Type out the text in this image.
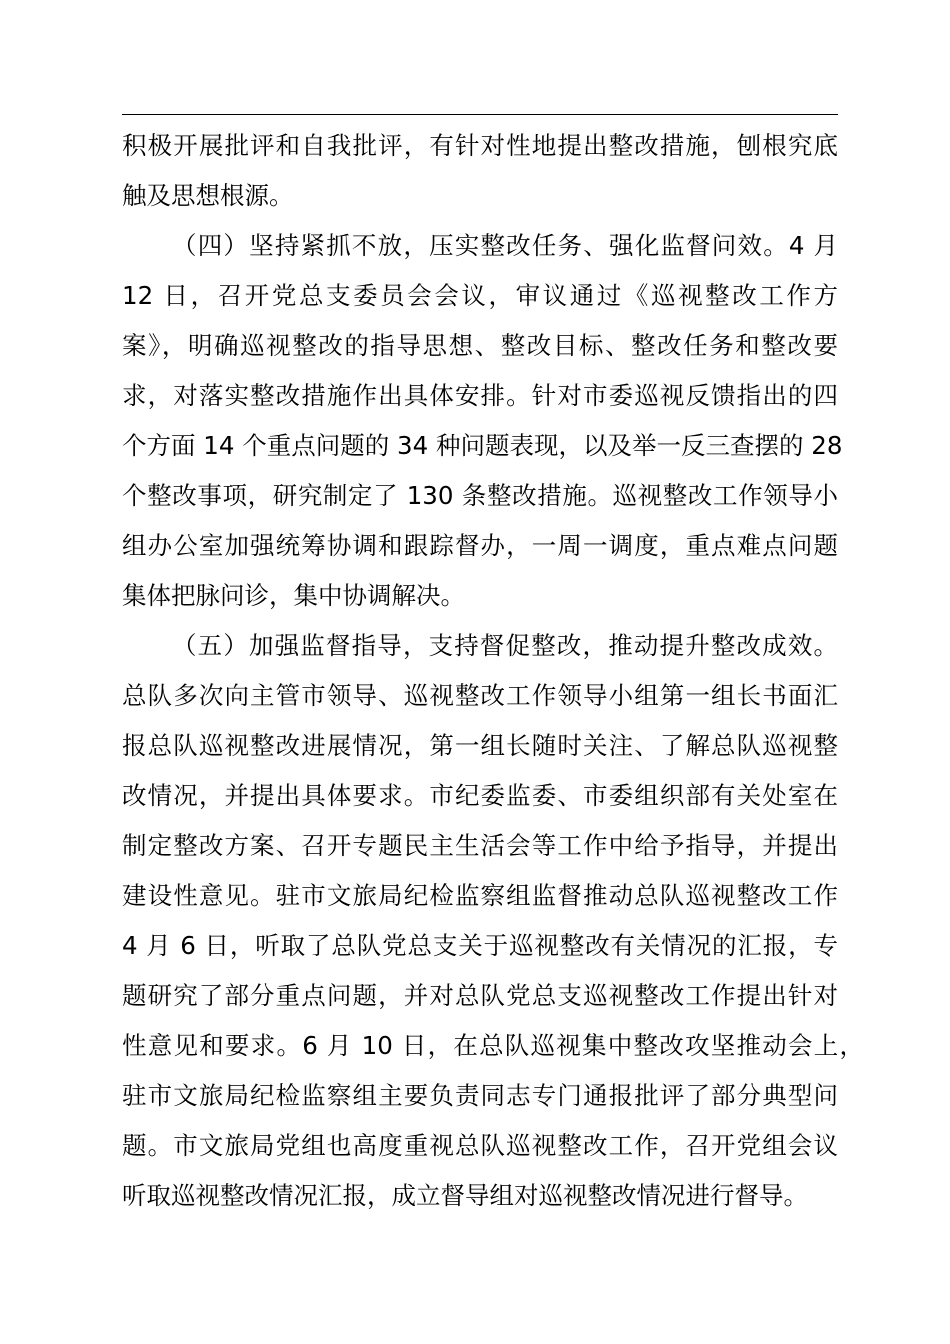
积极开展批评和自我批评，有针对性地提出整改措施，刨根究底
触及思想根源。
（四）坚持紧抓不放，压实整改任务、强化监督问效。4 月
12 日，召开党总支委员会会议，审议通过《巡视整改工作方
案》，明确巡视整改的指导思想、整改目标、整改任务和整改要
求，对落实整改措施作出具体安排。针对市委巡视反馈指出的四
个方面 14 个重点问题的 34 种问题表现，以及举一反三查摆的 28
个整改事项，研究制定了 130 条整改措施。巡视整改工作领导小
组办公室加强统筹协调和跟踪督办，一周一调度，重点难点问题
集体把脉问诊，集中协调解决。
（五）加强监督指导，支持督促整改，推动提升整改成效。
总队多次向主管市领导、巡视整改工作领导小组第一组长书面汇
报总队巡视整改进展情况，第一组长随时关注、了解总队巡视整
改情况，并提出具体要求。市纪委监委、市委组织部有关处室在
制定整改方案、召开专题民主生活会等工作中给予指导，并提出
建设性意见。驻市文旅局纪检监察组监督推动总队巡视整改工作
4 月 6 日，听取了总队党总支关于巡视整改有关情况的汇报，专
题研究了部分重点问题，并对总队党总支巡视整改工作提出针对
性意见和要求。6 月 10 日，在总队巡视集中整改攻坚推动会上，
驻市文旅局纪检监察组主要负责同志专门通报批评了部分典型问
题。市文旅局党组也高度重视总队巡视整改工作，召开党组会议
听取巡视整改情况汇报，成立督导组对巡视整改情况进行督导。
